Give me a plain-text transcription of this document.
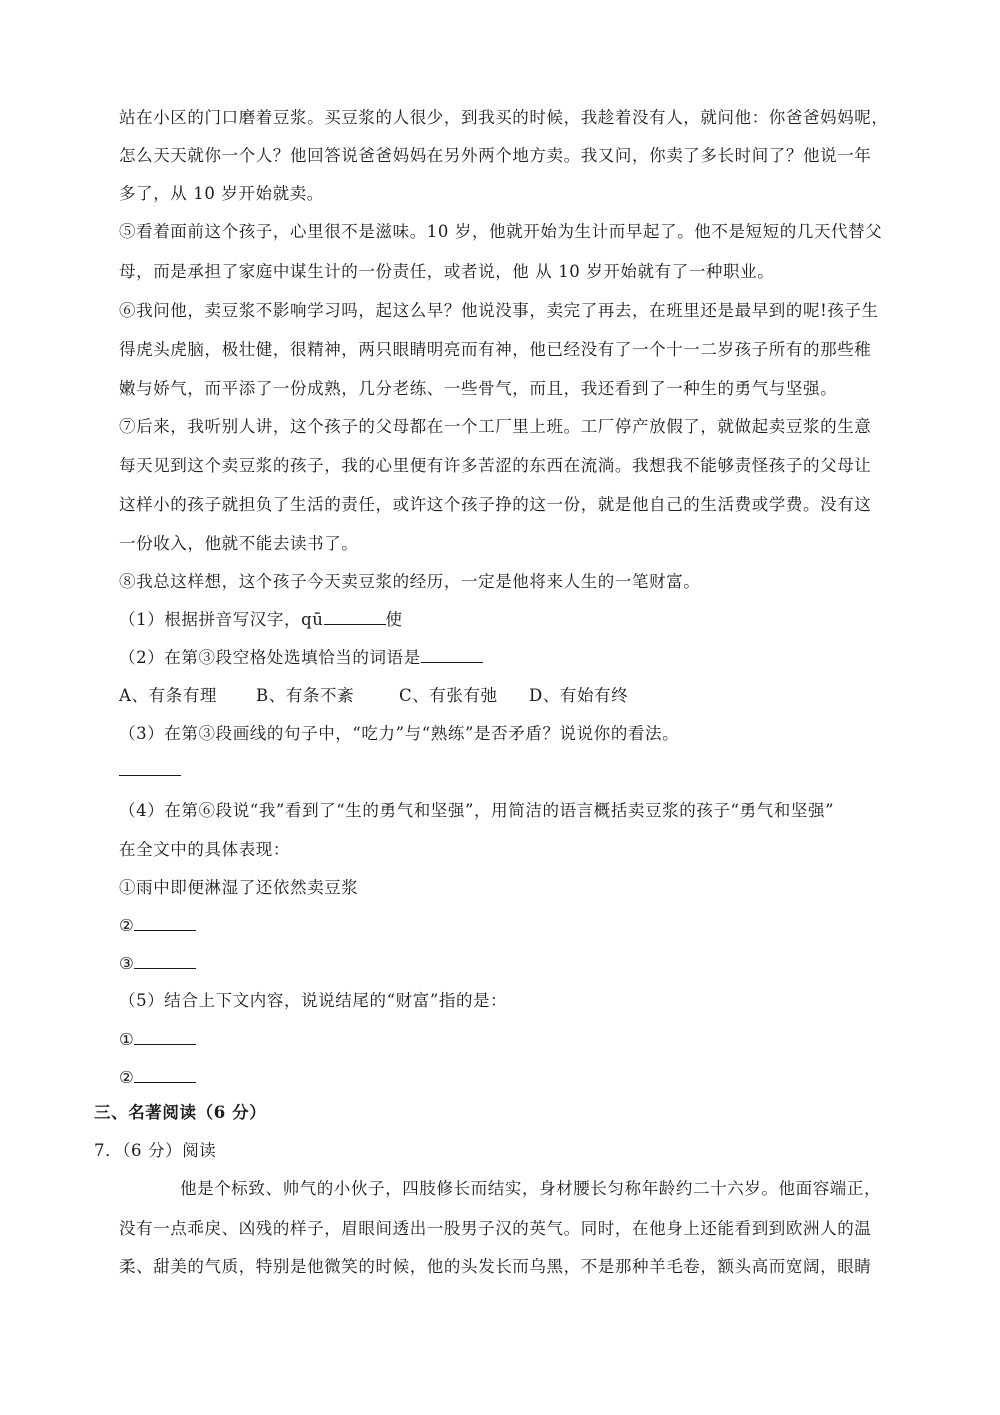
站在小区的门口磨着豆浆。买豆浆的人很少，到我买的时候，我趁着没有人，就问他：你爸爸妈妈呢，
怎么天天就你一个人？他回答说爸爸妈妈在另外两个地方卖。我又问，你卖了多长时间了？他说一年
多了，从 10 岁开始就卖。
⑤看着面前这个孩子，心里很不是滋味。10 岁，他就开始为生计而早起了。他不是短短的几天代替父
母，而是承担了家庭中谋生计的一份责任，或者说，他 从 10 岁开始就有了一种职业。
⑥我问他，卖豆浆不影响学习吗，起这么早？他说没事，卖完了再去，在班里还是最早到的呢!孩子生
得虎头虎脑，极壮健，很精神，两只眼睛明亮而有神，他已经没有了一个十一二岁孩子所有的那些稚
嫩与娇气，而平添了一份成熟，几分老练、一些骨气，而且，我还看到了一种生的勇气与坚强。
⑦后来，我听别人讲，这个孩子的父母都在一个工厂里上班。工厂停产放假了，就做起卖豆浆的生意
每天见到这个卖豆浆的孩子，我的心里便有许多苦涩的东西在流淌。我想我不能够责怪孩子的父母让
这样小的孩子就担负了生活的责任，或许这个孩子挣的这一份，就是他自己的生活费或学费。没有这
一份收入，他就不能去读书了。
⑧我总这样想，这个孩子今天卖豆浆的经历，一定是他将来人生的一笔财富。
（1）根据拼音写汉字，qū	使
（2）在第③段空格处选填恰当的词语是
A、有条有理 B、有条不紊	C、有张有弛 D、有始有终
（3）在第③段画线的句子中，“吃力”与“熟练”是否矛盾？说说你的看法。
（4）在第⑥段说“我”看到了“生的勇气和坚强”，用简洁的语言概括卖豆浆的孩子“勇气和坚强”
在全文中的具体表现：
①雨中即便淋湿了还依然卖豆浆
②
③
（5）结合上下文内容，说说结尾的“财富”指的是：
①
②
三、名著阅读（6 分）
7．（6 分）阅读
他是个标致、帅气的小伙子，四肢修长而结实，身材腰长匀称年龄约二十六岁。他面容端正，
没有一点乖戾、凶残的样子，眉眼间透出一股男子汉的英气。同时，在他身上还能看到到欧洲人的温
柔、甜美的气质，特别是他微笑的时候，他的头发长而乌黑，不是那种羊毛卷，额头高而宽阔，眼睛
